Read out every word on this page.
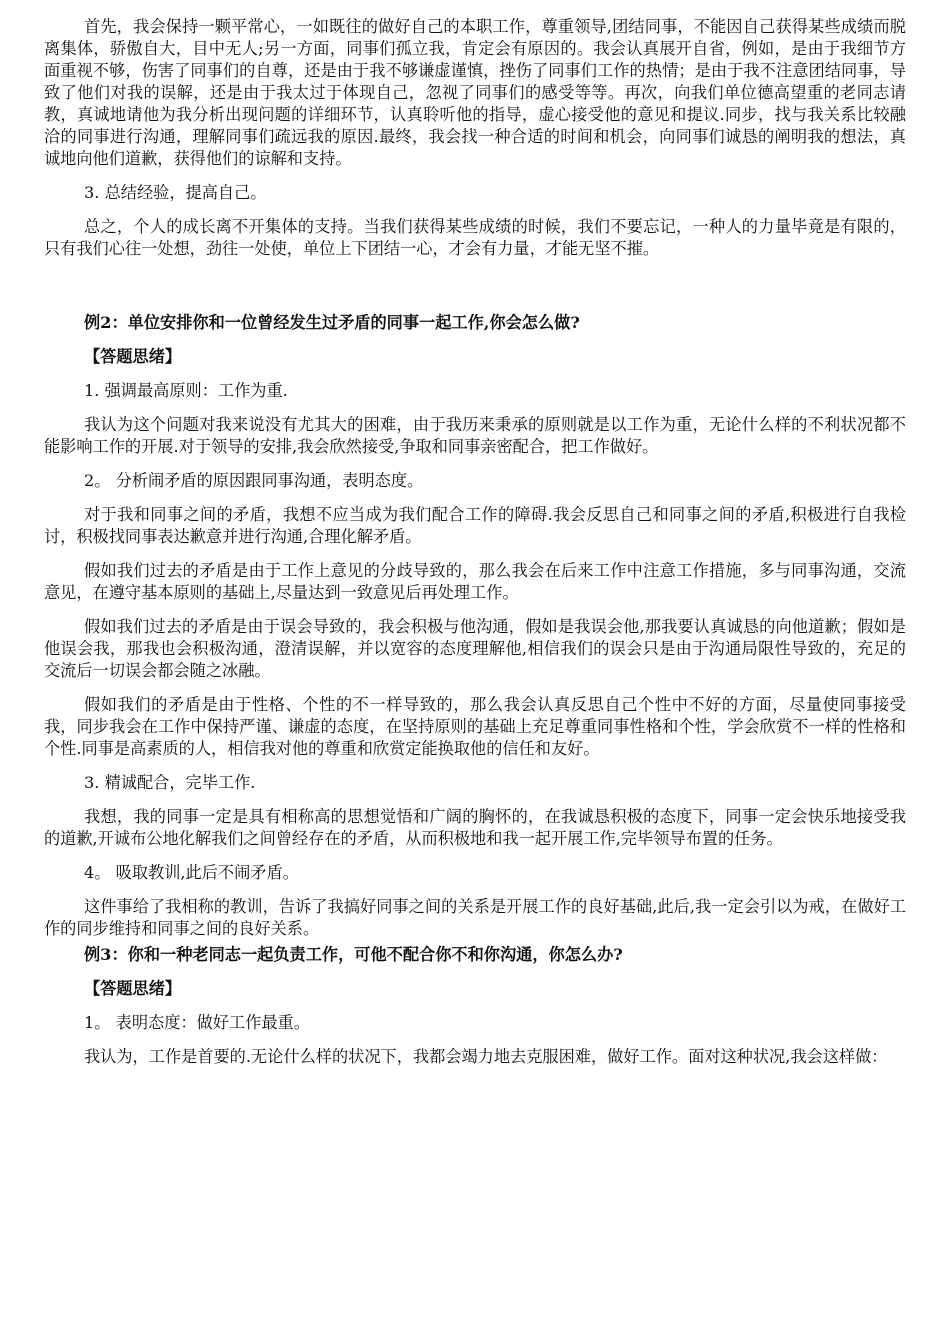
首先，我会保持一颗平常心，一如既往的做好自己的本职工作，尊重领导,团结同事，不能因自己获得某些成绩而脱离集体，骄傲自大，目中无人;另一方面，同事们孤立我，肯定会有原因的。我会认真展开自省，例如，是由于我细节方面重视不够，伤害了同事们的自尊，还是由于我不够谦虚谨慎，挫伤了同事们工作的热情；是由于我不注意团结同事，导致了他们对我的误解，还是由于我太过于体现自己，忽视了同事们的感受等等。再次，向我们单位德高望重的老同志请教，真诚地请他为我分析出现问题的详细环节，认真聆听他的指导，虚心接受他的意见和提议.同步，找与我关系比较融洽的同事进行沟通，理解同事们疏远我的原因.最终，我会找一种合适的时间和机会，向同事们诚恳的阐明我的想法，真诚地向他们道歉，获得他们的谅解和支持。

3. 总结经验，提高自己。

总之，个人的成长离不开集体的支持。当我们获得某些成绩的时候，我们不要忘记，一种人的力量毕竟是有限的，只有我们心往一处想，劲往一处使，单位上下团结一心，才会有力量，才能无坚不摧。

例2：单位安排你和一位曾经发生过矛盾的同事一起工作,你会怎么做?

【答题思绪】

1. 强调最高原则：工作为重.

我认为这个问题对我来说没有尤其大的困难，由于我历来秉承的原则就是以工作为重，无论什么样的不利状况都不能影响工作的开展.对于领导的安排,我会欣然接受,争取和同事亲密配合，把工作做好。

2。 分析闹矛盾的原因跟同事沟通，表明态度。

对于我和同事之间的矛盾，我想不应当成为我们配合工作的障碍.我会反思自己和同事之间的矛盾,积极进行自我检讨，积极找同事表达歉意并进行沟通,合理化解矛盾。

假如我们过去的矛盾是由于工作上意见的分歧导致的，那么我会在后来工作中注意工作措施，多与同事沟通，交流意见，在遵守基本原则的基础上,尽量达到一致意见后再处理工作。

假如我们过去的矛盾是由于误会导致的，我会积极与他沟通，假如是我误会他,那我要认真诚恳的向他道歉；假如是他误会我，那我也会积极沟通，澄清误解，并以宽容的态度理解他,相信我们的误会只是由于沟通局限性导致的，充足的交流后一切误会都会随之冰融。

假如我们的矛盾是由于性格、个性的不一样导致的，那么我会认真反思自己个性中不好的方面，尽量使同事接受我，同步我会在工作中保持严谨、谦虚的态度，在坚持原则的基础上充足尊重同事性格和个性，学会欣赏不一样的性格和个性.同事是高素质的人，相信我对他的尊重和欣赏定能换取他的信任和友好。

3. 精诚配合，完毕工作.

我想，我的同事一定是具有相称高的思想觉悟和广阔的胸怀的，在我诚恳积极的态度下，同事一定会快乐地接受我的道歉,开诚布公地化解我们之间曾经存在的矛盾，从而积极地和我一起开展工作,完毕领导布置的任务。

4。 吸取教训,此后不闹矛盾。

这件事给了我相称的教训，告诉了我搞好同事之间的关系是开展工作的良好基础,此后,我一定会引以为戒，在做好工作的同步维持和同事之间的良好关系。

例3：你和一种老同志一起负责工作，可他不配合你不和你沟通，你怎么办?

【答题思绪】

1。 表明态度：做好工作最重。

我认为，工作是首要的.无论什么样的状况下，我都会竭力地去克服困难，做好工作。面对这种状况,我会这样做：
